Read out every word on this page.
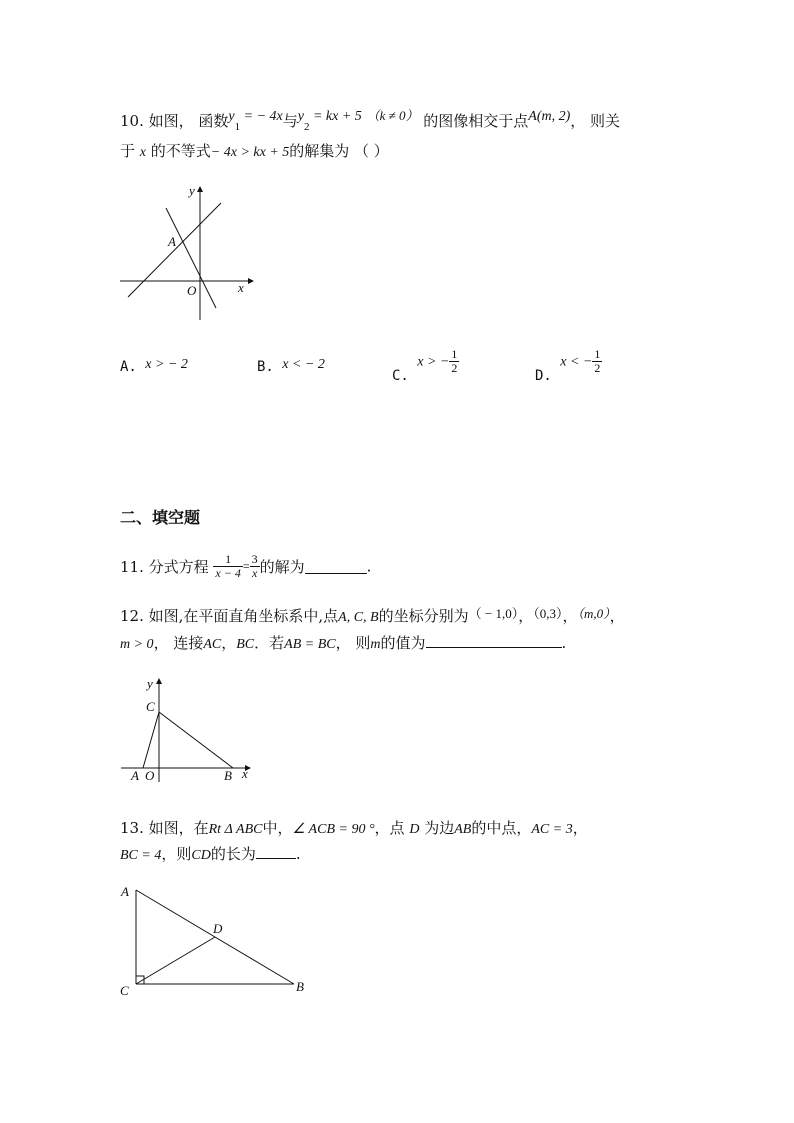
10. 如图， 函数$y_1$ = − 4x与$y_2$ = kx + 5 （k ≠ 0） 的图像相交于点A(m, 2)， 则关
于 x 的不等式− 4x > kx + 5的解集为 （ ）
y
x
O
A
A. x > − 2	B. x < − 2
C. x > − $\frac{1}{2}$
D. x < − $\frac{1}{2}$
二、填空题
11. 分式方程 $\frac{1}{x - 4} = \frac{3}{x}$ 的解为	.
12. 如图,在平面直角坐标系中,点A, C, B的坐标分别为（ − 1,0），（0,3），（m,0），
m > 0， 连接AC，BC．若AB = BC， 则m的值为	.
y
C
A O	B x
13. 如图，在Rt Δ ABC中，∠ ACB = 90 °，点 D 为边AB的中点，AC = 3，
BC = 4，则CD的长为	.
A
D
C	B
